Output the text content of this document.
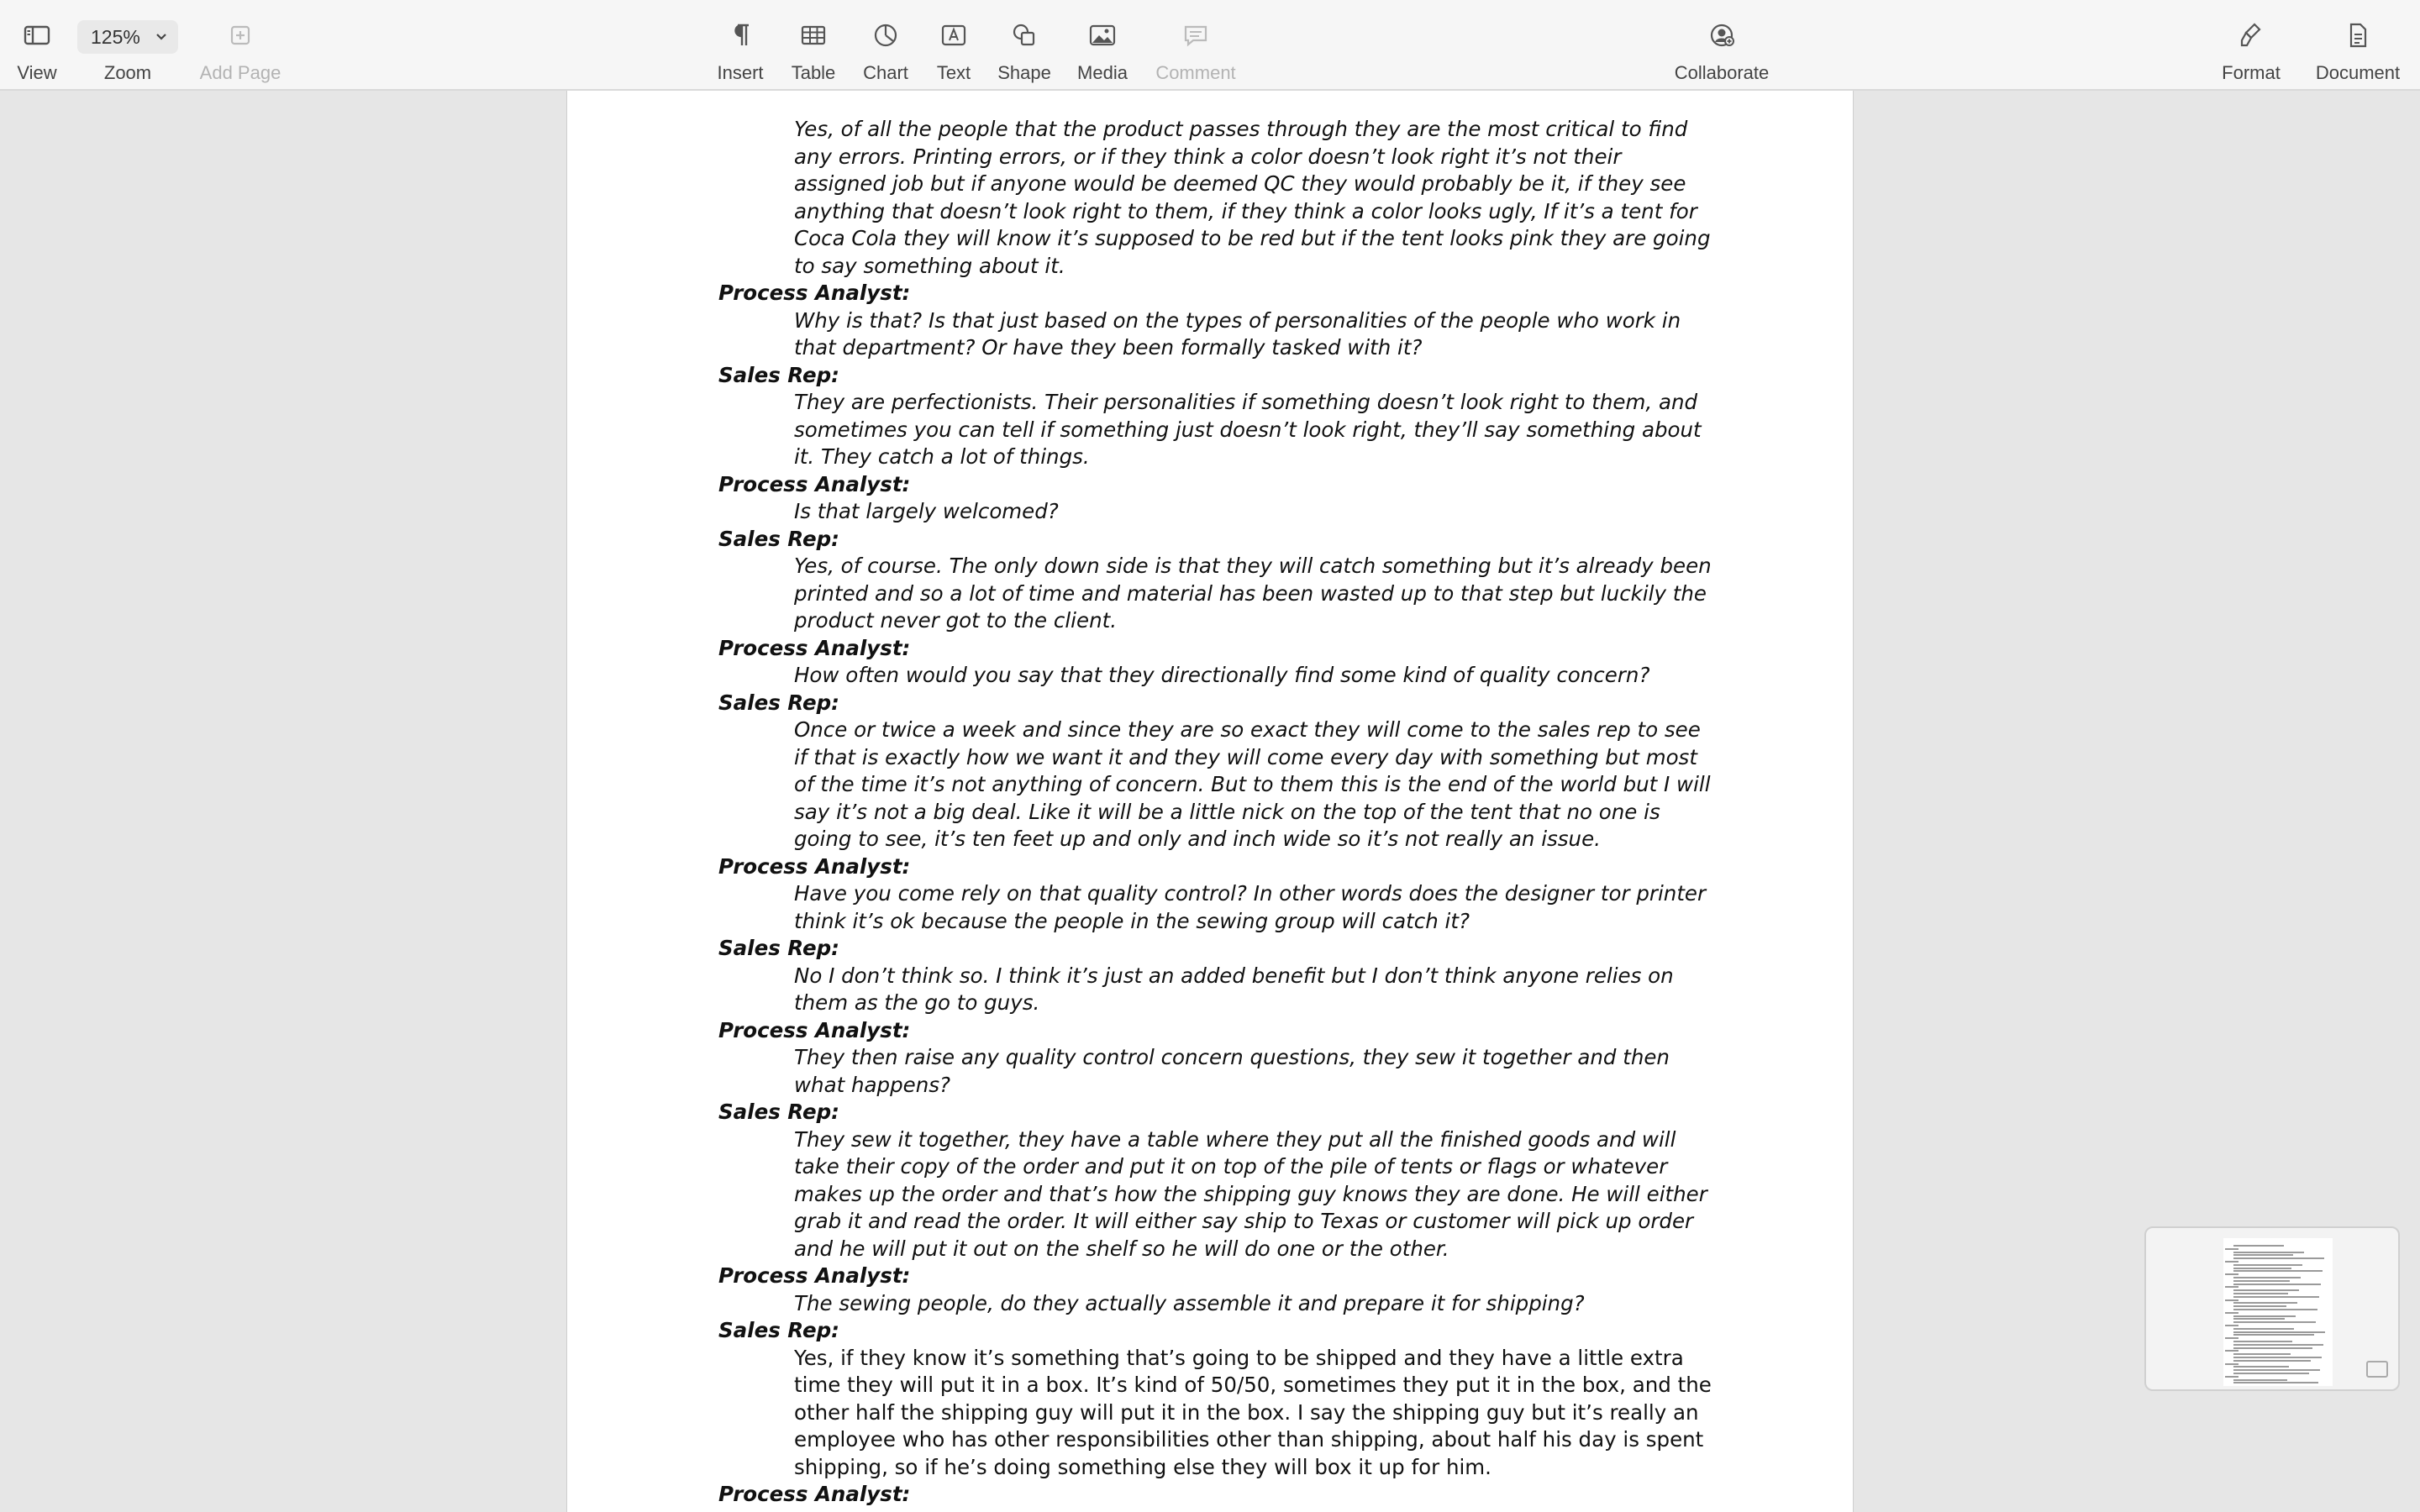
View
125%
Zoom	Add Page	Insert	Table	Chart	Text	Shape	Media	Comment	Collaborate	Format	Document
Yes, of all the people that the product passes through they are the most critical to find any errors. Printing errors, or if they think a color doesn’t look right it’s not their assigned job but if anyone would be deemed QC they would probably be it, if they see anything that doesn’t look right to them, if they think a color looks ugly, If it’s a tent for Coca Cola they will know it’s supposed to be red but if the tent looks pink they are going to say something about it.
Process Analyst:
Why is that? Is that just based on the types of personalities of the people who work in that department? Or have they been formally tasked with it?
Sales Rep:
They are perfectionists. Their personalities if something doesn’t look right to them, and sometimes you can tell if something just doesn’t look right, they’ll say something about it. They catch a lot of things.
Process Analyst:
Is that largely welcomed?
Sales Rep:
Yes, of course. The only down side is that they will catch something but it’s already been printed and so a lot of time and material has been wasted up to that step but luckily the product never got to the client.
Process Analyst:
How often would you say that they directionally find some kind of quality concern?
Sales Rep:
Once or twice a week and since they are so exact they will come to the sales rep to see if that is exactly how we want it and they will come every day with something but most of the time it’s not anything of concern. But to them this is the end of the world but I will say it’s not a big deal. Like it will be a little nick on the top of the tent that no one is going to see, it’s ten feet up and only and inch wide so it’s not really an issue.
Process Analyst:
Have you come rely on that quality control? In other words does the designer tor printer think it’s ok because the people in the sewing group will catch it?
Sales Rep:
No I don’t think so. I think it’s just an added benefit but I don’t think anyone relies on them as the go to guys.
Process Analyst:
They then raise any quality control concern questions, they sew it together and then what happens?
Sales Rep:
They sew it together, they have a table where they put all the finished goods and will take their copy of the order and put it on top of the pile of tents or flags or whatever makes up the order and that’s how the shipping guy knows they are done. He will either grab it and read the order. It will either say ship to Texas or customer will pick up order and he will put it out on the shelf so he will do one or the other.
Process Analyst:
The sewing people, do they actually assemble it and prepare it for shipping?
Sales Rep:
Yes, if they know it’s something that’s going to be shipped and they have a little extra time they will put it in a box. It’s kind of 50/50, sometimes they put it in the box, and the other half the shipping guy will put it in the box. I say the shipping guy but it’s really an employee who has other responsibilities other than shipping, about half his day is spent shipping, so if he’s doing something else they will box it up for him.
Process Analyst:
